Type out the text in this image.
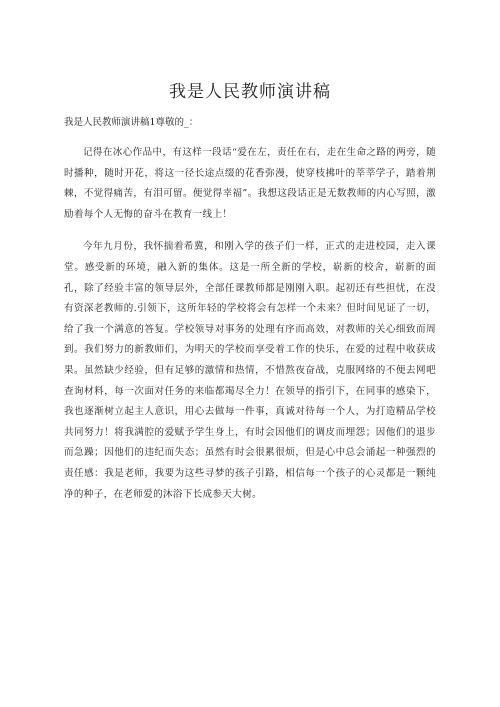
我是人民教师演讲稿

我是人民教师演讲稿1尊敬的_：

记得在冰心作品中，有这样一段话“爱在左，责任在右，走在生命之路的两旁，随时播种，随时开花，将这一径长途点缀的花香弥漫，使穿枝拂叶的莘莘学子，踏着荆棘，不觉得痛苦，有泪可留。便觉得幸福”。我想这段话正是无数教师的内心写照，激励着每个人无悔的奋斗在教育一线上！

今年九月份，我怀揣着希冀，和刚入学的孩子们一样，正式的走进校园，走入课堂。感受新的环境，融入新的集体。这是一所全新的学校，崭新的校舍，崭新的面孔，除了经验丰富的领导层外，全部任课教师都是刚刚入职。起初还有些担忧，在没有资深老教师的.引领下，这所年轻的学校将会有怎样一个未来？但时间见证了一切，给了我一个满意的答复。学校领导对事务的处理有序而高效，对教师的关心细致而周到。我们努力的新教师们，为明天的学校而享受着工作的快乐，在爱的过程中收获成果。虽然缺少经验，但有足够的激情和热情，不惜熬夜奋战，克服网络的不便去网吧查询材料，每一次面对任务的来临都竭尽全力！在领导的指引下，在同事的感染下，我也逐渐树立起主人意识，用心去做每一件事，真诚对待每一个人，为打造精品学校共同努力！将我满腔的爱赋予学生身上，有时会因他们的调皮而埋怨；因他们的退步而急躁；因他们的违纪而失态；虽然有时会很累很烦，但是心中总会涌起一种强烈的责任感：我是老师，我要为这些寻梦的孩子引路，相信每一个孩子的心灵都是一颗纯净的种子，在老师爱的沐浴下长成参天大树。
